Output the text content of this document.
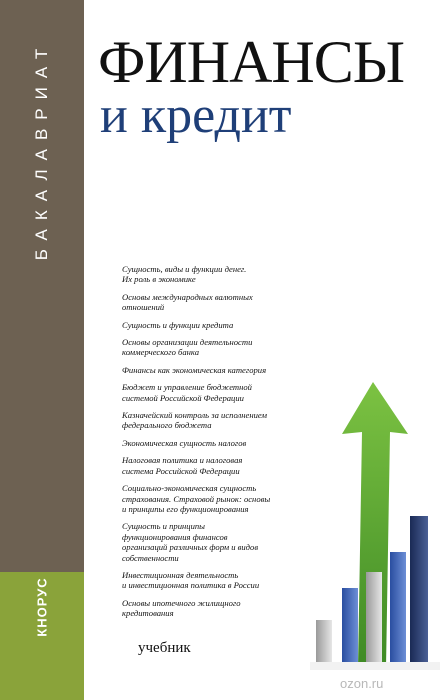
БАКАЛАВРИАТ
КНОРУС
ФИНАНСЫ
и кредит
Сущность, виды и функции денег.
Их роль в экономике
Основы международных валютных
отношений
Сущность и функции кредита
Основы организации деятельности
коммерческого банка
Финансы как экономическая категория
Бюджет и управление бюджетной
системой Российской Федерации
Казначейский контроль за исполнением
федерального бюджета
Экономическая сущность налогов
Налоговая политика и налоговая
система Российской Федерации
Социально-экономическая сущность
страхования. Страховой рынок: основы
и принципы его функционирования
Сущность и принципы
функционирования финансов
организаций различных форм и видов
собственности
Инвестиционная деятельность
и инвестиционная политика в России
Основы ипотечного жилищного
кредитования
учебник
ozon.ru
